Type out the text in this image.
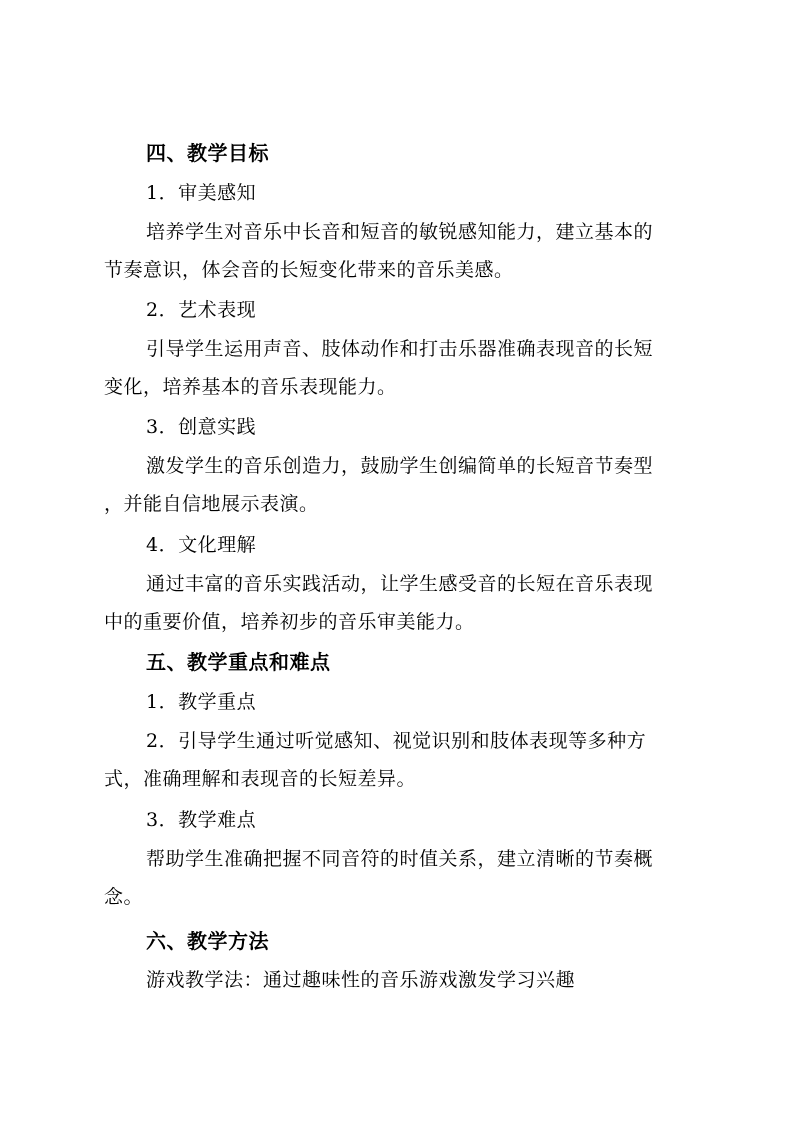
四、教学目标
1．审美感知
培养学生对音乐中长音和短音的敏锐感知能力，建立基本的
节奏意识，体会音的长短变化带来的音乐美感。
2．艺术表现
引导学生运用声音、肢体动作和打击乐器准确表现音的长短
变化，培养基本的音乐表现能力。
3．创意实践
激发学生的音乐创造力，鼓励学生创编简单的长短音节奏型
，并能自信地展示表演。
4．文化理解
通过丰富的音乐实践活动，让学生感受音的长短在音乐表现
中的重要价值，培养初步的音乐审美能力。
五、教学重点和难点
1．教学重点
2．引导学生通过听觉感知、视觉识别和肢体表现等多种方
式，准确理解和表现音的长短差异。
3．教学难点
帮助学生准确把握不同音符的时值关系，建立清晰的节奏概
念。
六、教学方法
游戏教学法：通过趣味性的音乐游戏激发学习兴趣
